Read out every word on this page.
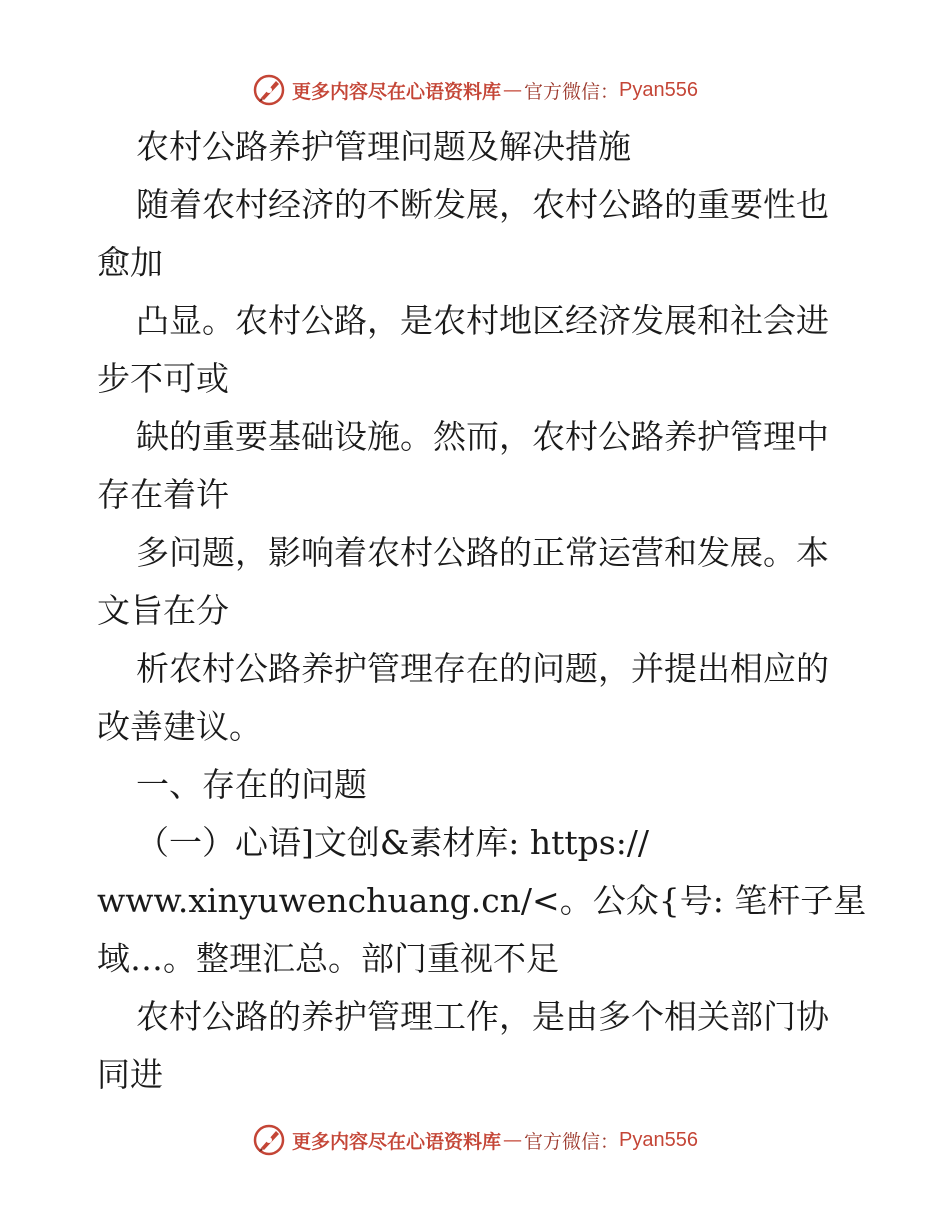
更多内容尽在心语资料库 — 官方微信： Pyan556
农村公路养护管理问题及解决措施
随着农村经济的不断发展，农村公路的重要性也
愈加
凸显。农村公路，是农村地区经济发展和社会进
步不可或
缺的重要基础设施。然而，农村公路养护管理中
存在着许
多问题，影响着农村公路的正常运营和发展。本
文旨在分
析农村公路养护管理存在的问题，并提出相应的
改善建议。
一、存在的问题
（一）心语]文创&素材库: https://
www.xinyuwenchuang.cn/<。公众{号: 笔杆子星
域…。整理汇总。部门重视不足
农村公路的养护管理工作，是由多个相关部门协
同进
更多内容尽在心语资料库 — 官方微信： Pyan556
